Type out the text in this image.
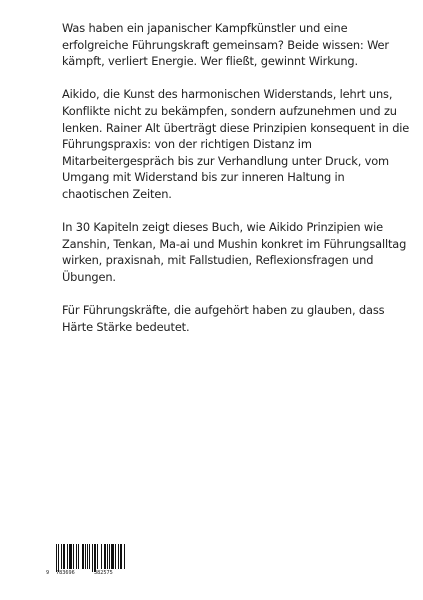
Was haben ein japanischer Kampfkünstler und eine
erfolgreiche Führungskraft gemeinsam? Beide wissen: Wer
kämpft, verliert Energie. Wer fließt, gewinnt Wirkung.

Aikido, die Kunst des harmonischen Widerstands, lehrt uns,
Konflikte nicht zu bekämpfen, sondern aufzunehmen und zu
lenken. Rainer Alt überträgt diese Prinzipien konsequent in die
Führungspraxis: von der richtigen Distanz im
Mitarbeitergespräch bis zur Verhandlung unter Druck, vom
Umgang mit Widerstand bis zur inneren Haltung in
chaotischen Zeiten.

In 30 Kapiteln zeigt dieses Buch, wie Aikido Prinzipien wie
Zanshin, Tenkan, Ma-ai und Mushin konkret im Führungsalltag
wirken, praxisnah, mit Fallstudien, Reflexionsfragen und
Übungen.

Für Führungskräfte, die aufgehört haben zu glauben, dass
Härte Stärke bedeutet.

9 783696	382575
